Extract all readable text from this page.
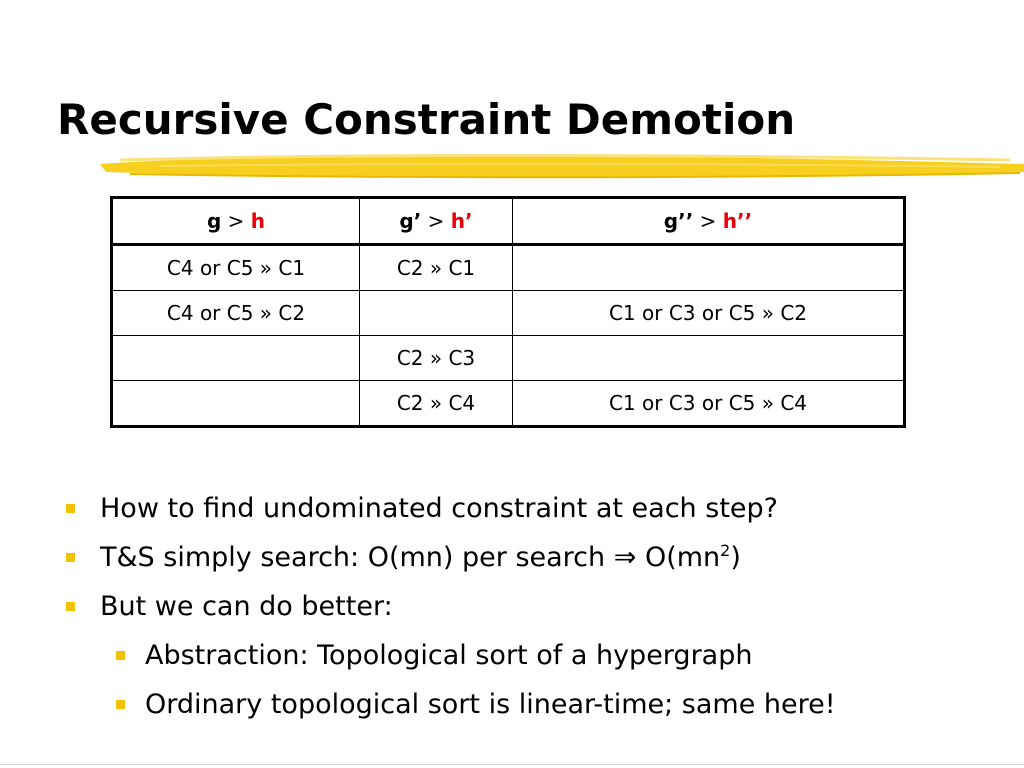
Recursive Constraint Demotion
g > h	g’ > h’	g’’ > h’’
C4 or C5 » C1	C2 » C1	
C4 or C5 » C2		C1 or C3 or C5 » C2
	C2 » C3	
	C2 » C4	C1 or C3 or C5 » C4
How to find undominated constraint at each step?
T&S simply search: O(mn) per search ⇒ $O(mn^2)$
But we can do better:
Abstraction: Topological sort of a hypergraph
Ordinary topological sort is linear-time; same here!
